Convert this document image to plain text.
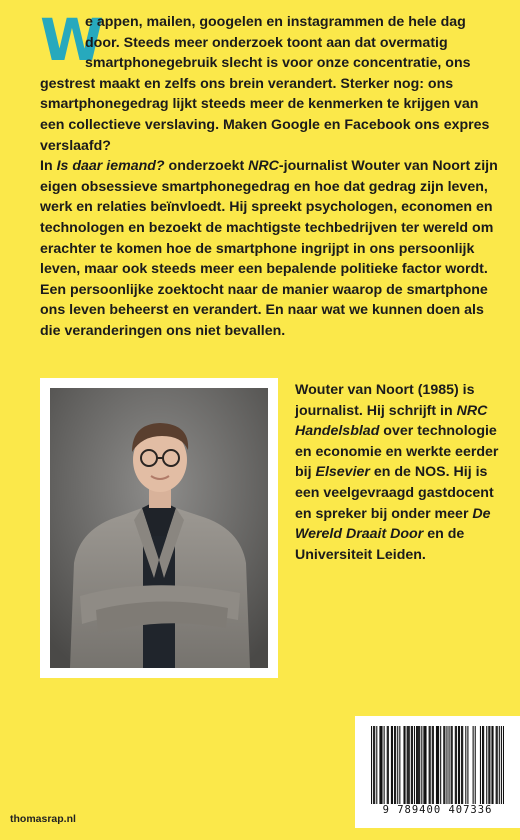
W
e appen, mailen, googelen en instagrammen de hele dag door. Steeds meer onderzoek toont aan dat overmatig smartphonegebruik slecht is voor onze concentratie, ons gestrest maakt en zelfs ons brein verandert. Sterker nog: ons smartphonegedrag lijkt steeds meer de kenmerken te krijgen van een collectieve verslaving. Maken Google en Facebook ons expres verslaafd?

In Is daar iemand? onderzoekt NRC-journalist Wouter van Noort zijn eigen obsessieve smartphonegedrag en hoe dat gedrag zijn leven, werk en relaties beïnvloedt. Hij spreekt psychologen, economen en technologen en bezoekt de machtigste techbedrijven ter wereld om erachter te komen hoe de smartphone ingrijpt in ons persoonlijk leven, maar ook steeds meer een bepalende politieke factor wordt.

Een persoonlijke zoektocht naar de manier waarop de smartphone ons leven beheerst en verandert. En naar wat we kunnen doen als die veranderingen ons niet bevallen.

Wouter van Noort (1985) is journalist. Hij schrijft in NRC Handelsblad over technologie en economie en werkte eerder bij Elsevier en de NOS. Hij is een veelgevraagd gastdocent en spreker bij onder meer De Wereld Draait Door en de Universiteit Leiden.

9 789400 407336
thomasrap.nl
